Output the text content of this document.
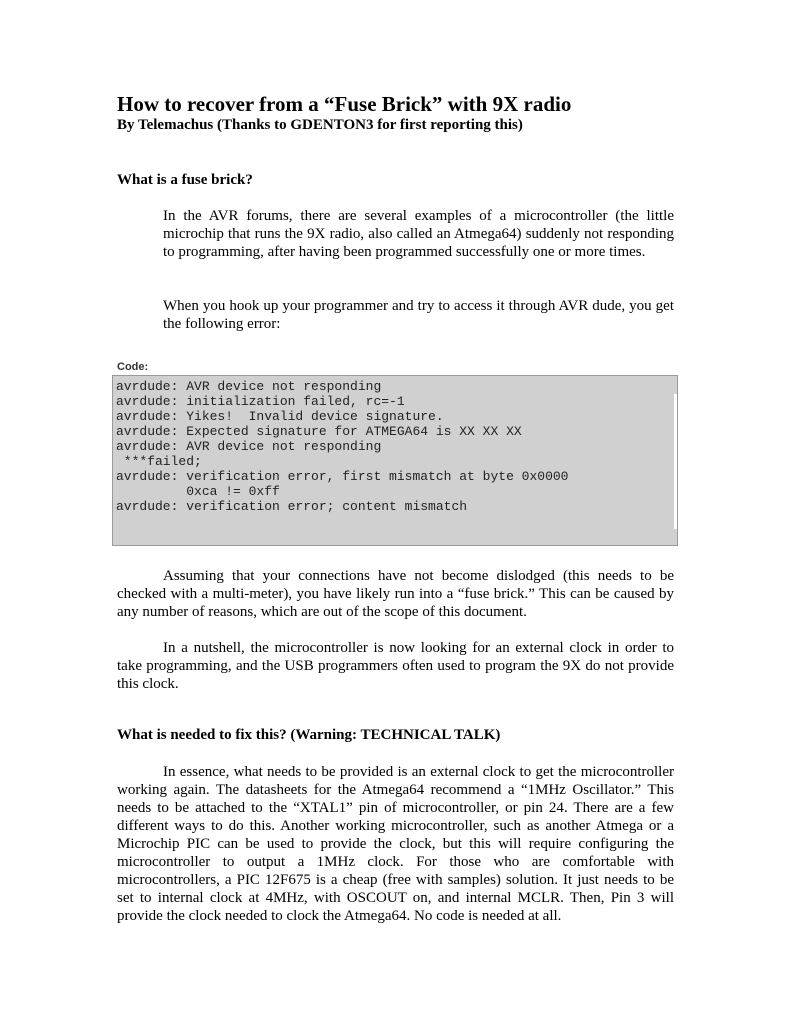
How to recover from a “Fuse Brick” with 9X radio

By Telemachus (Thanks to GDENTON3 for first reporting this)

What is a fuse brick?

In the AVR forums, there are several examples of a microcontroller (the little microchip that runs the 9X radio, also called an Atmega64) suddenly not responding to programming, after having been programmed successfully one or more times.

When you hook up your programmer and try to access it through AVR dude, you get the following error:

Code:

avrdude: AVR device not responding
avrdude: initialization failed, rc=-1
avrdude: Yikes!  Invalid device signature.
avrdude: Expected signature for ATMEGA64 is XX XX XX
avrdude: AVR device not responding
***failed;
avrdude: verification error, first mismatch at byte 0x0000
0xca != 0xff
avrdude: verification error; content mismatch

Assuming that your connections have not become dislodged (this needs to be checked with a multi-meter), you have likely run into a “fuse brick.” This can be caused by any number of reasons, which are out of the scope of this document.

In a nutshell, the microcontroller is now looking for an external clock in order to take programming, and the USB programmers often used to program the 9X do not provide this clock.

What is needed to fix this? (Warning: TECHNICAL TALK)

In essence, what needs to be provided is an external clock to get the microcontroller working again. The datasheets for the Atmega64 recommend a “1MHz Oscillator.” This needs to be attached to the “XTAL1” pin of microcontroller, or pin 24. There are a few different ways to do this. Another working microcontroller, such as another Atmega or a Microchip PIC can be used to provide the clock, but this will require configuring the microcontroller to output a 1MHz clock. For those who are comfortable with microcontrollers, a PIC 12F675 is a cheap (free with samples) solution. It just needs to be set to internal clock at 4MHz, with OSCOUT on, and internal MCLR. Then, Pin 3 will provide the clock needed to clock the Atmega64. No code is needed at all.
